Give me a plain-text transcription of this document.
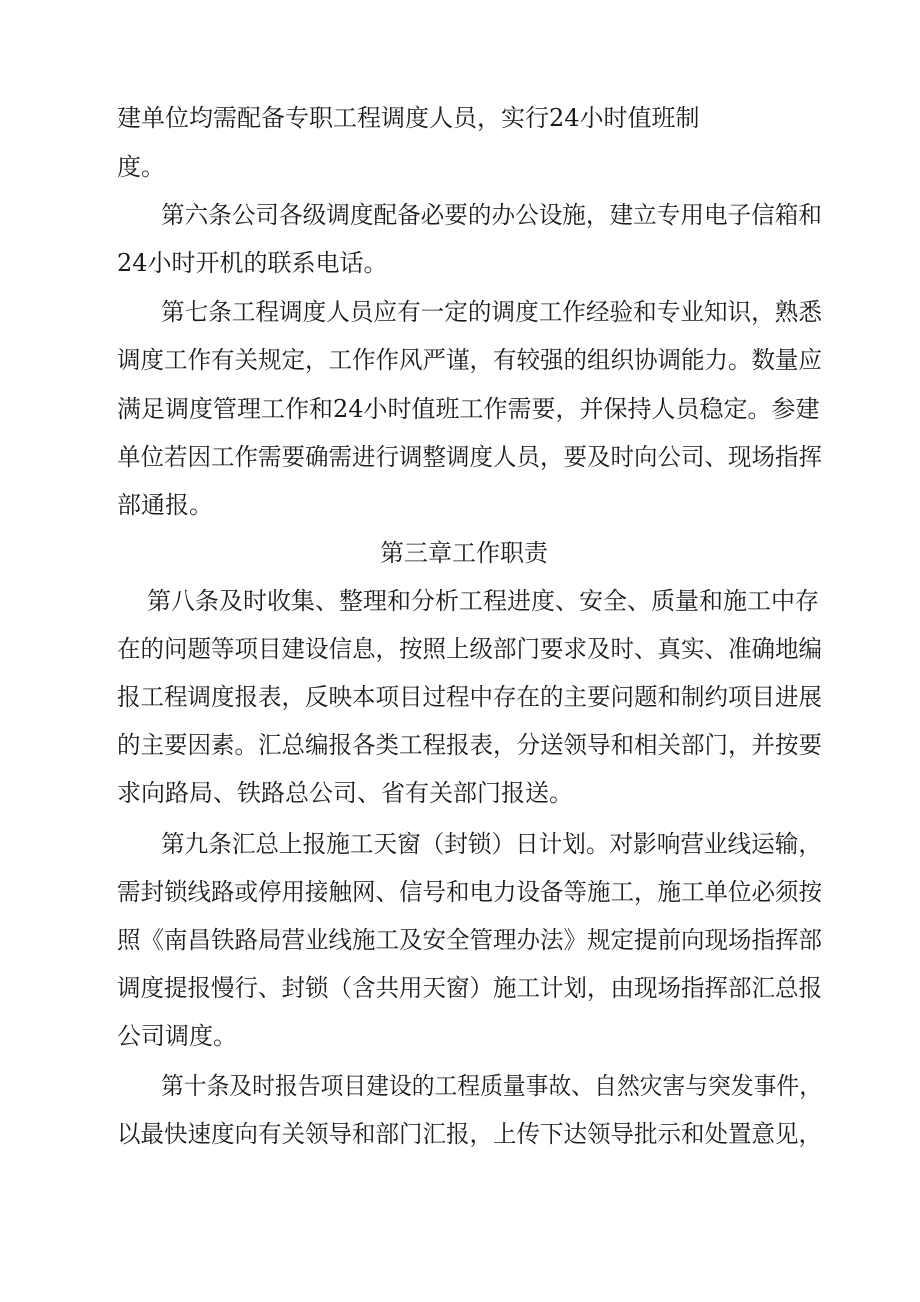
建单位均需配备专职工程调度人员，实行24小时值班制
度。
第六条公司各级调度配备必要的办公设施，建立专用电子信箱和
24小时开机的联系电话。
第七条工程调度人员应有一定的调度工作经验和专业知识，熟悉
调度工作有关规定，工作作风严谨，有较强的组织协调能力。数量应
满足调度管理工作和24小时值班工作需要，并保持人员稳定。参建
单位若因工作需要确需进行调整调度人员，要及时向公司、现场指挥
部通报。
第三章工作职责
第八条及时收集、整理和分析工程进度、安全、质量和施工中存
在的问题等项目建设信息，按照上级部门要求及时、真实、准确地编
报工程调度报表，反映本项目过程中存在的主要问题和制约项目进展
的主要因素。汇总编报各类工程报表，分送领导和相关部门，并按要
求向路局、铁路总公司、省有关部门报送。
第九条汇总上报施工天窗（封锁）日计划。对影响营业线运输，
需封锁线路或停用接触网、信号和电力设备等施工，施工单位必须按
照《南昌铁路局营业线施工及安全管理办法》规定提前向现场指挥部
调度提报慢行、封锁（含共用天窗）施工计划，由现场指挥部汇总报
公司调度。
第十条及时报告项目建设的工程质量事故、自然灾害与突发事件，
以最快速度向有关领导和部门汇报，上传下达领导批示和处置意见，
